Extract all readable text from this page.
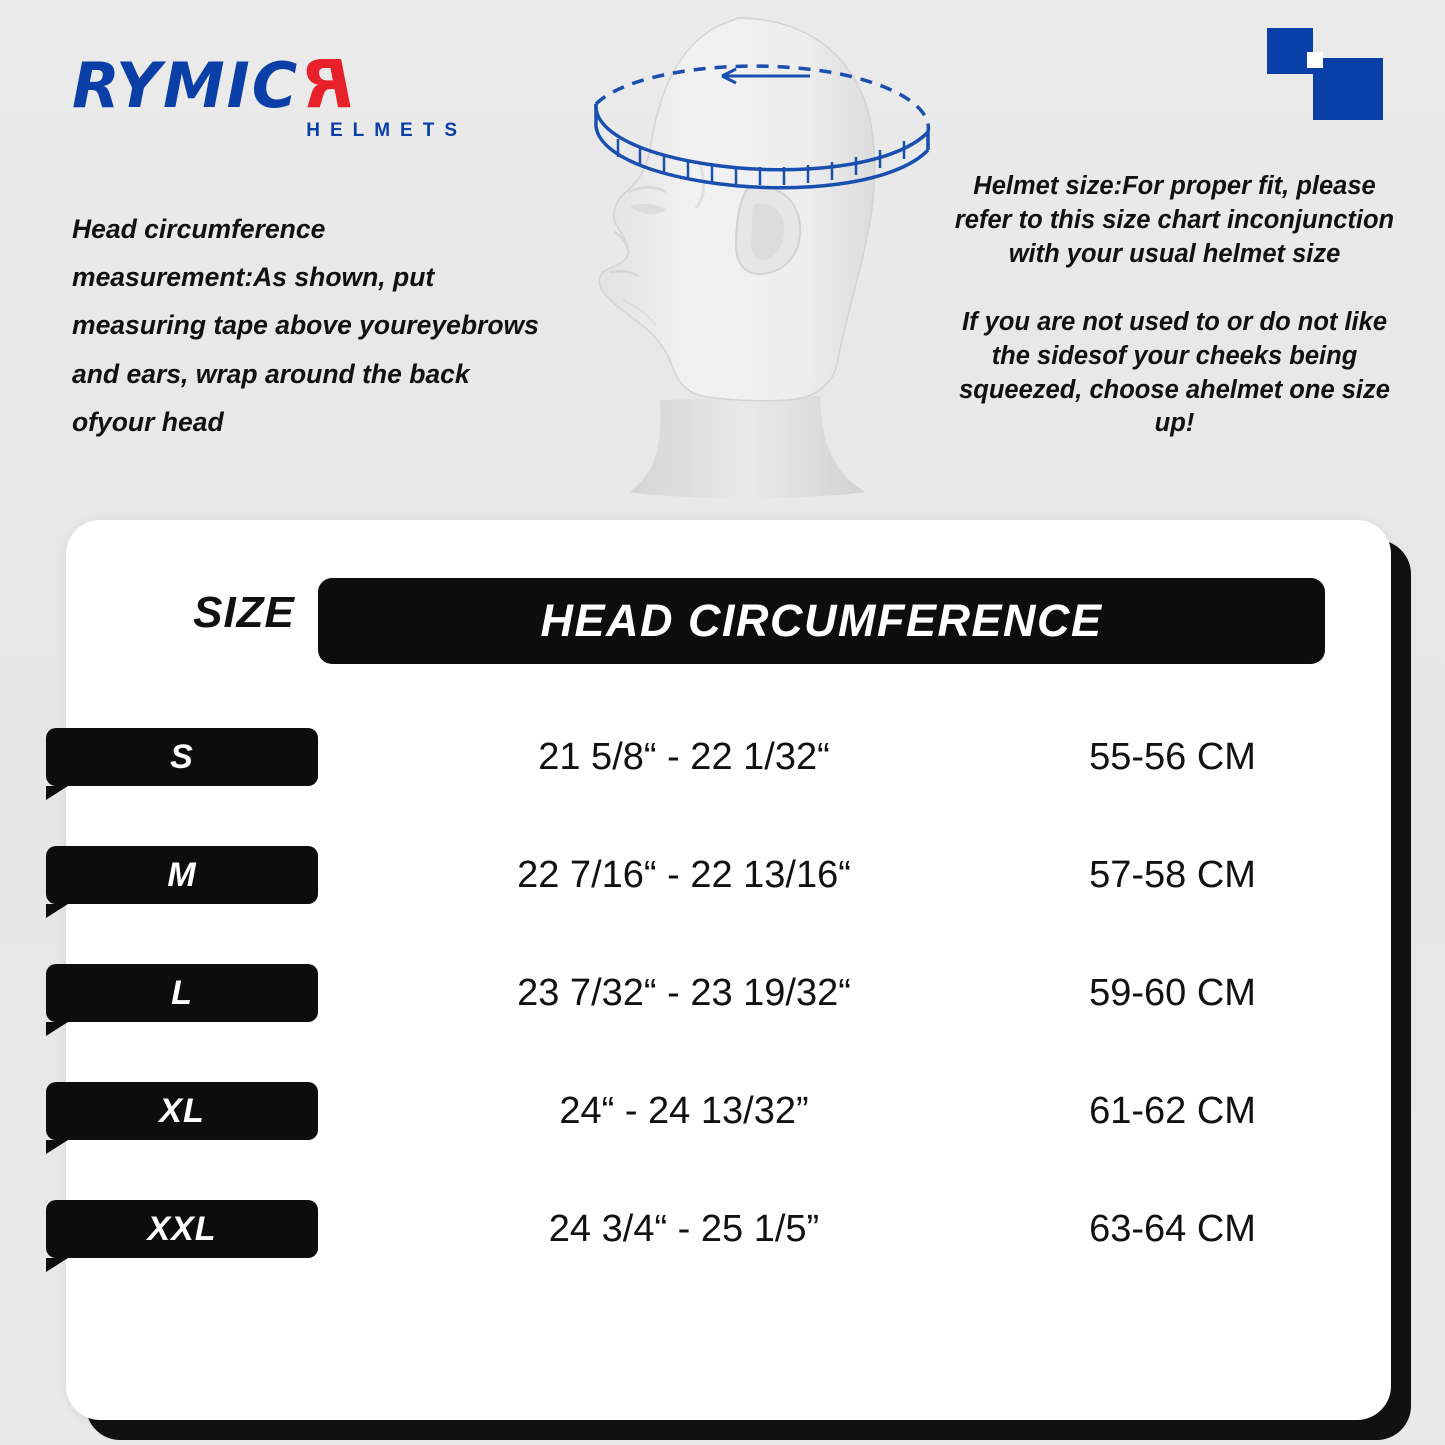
RYMICR
HELMETS
Head circumference measurement:As shown, put measuring tape above youreyebrows and ears, wrap around the back ofyour head

Helmet size:For proper fit, please refer to this size chart inconjunction with your usual helmet size

If you are not used to or do not like the sidesof your cheeks being squeezed, choose ahelmet one size up!

SIZE	HEAD CIRCUMFERENCE
S	21 5/8“ - 22 1/32“	55-56 CM
M	22 7/16“ - 22 13/16“	57-58 CM
L	23 7/32“ - 23 19/32“	59-60 CM
XL	24“ - 24 13/32”	61-62 CM
XXL	24 3/4“ - 25 1/5”	63-64 CM
